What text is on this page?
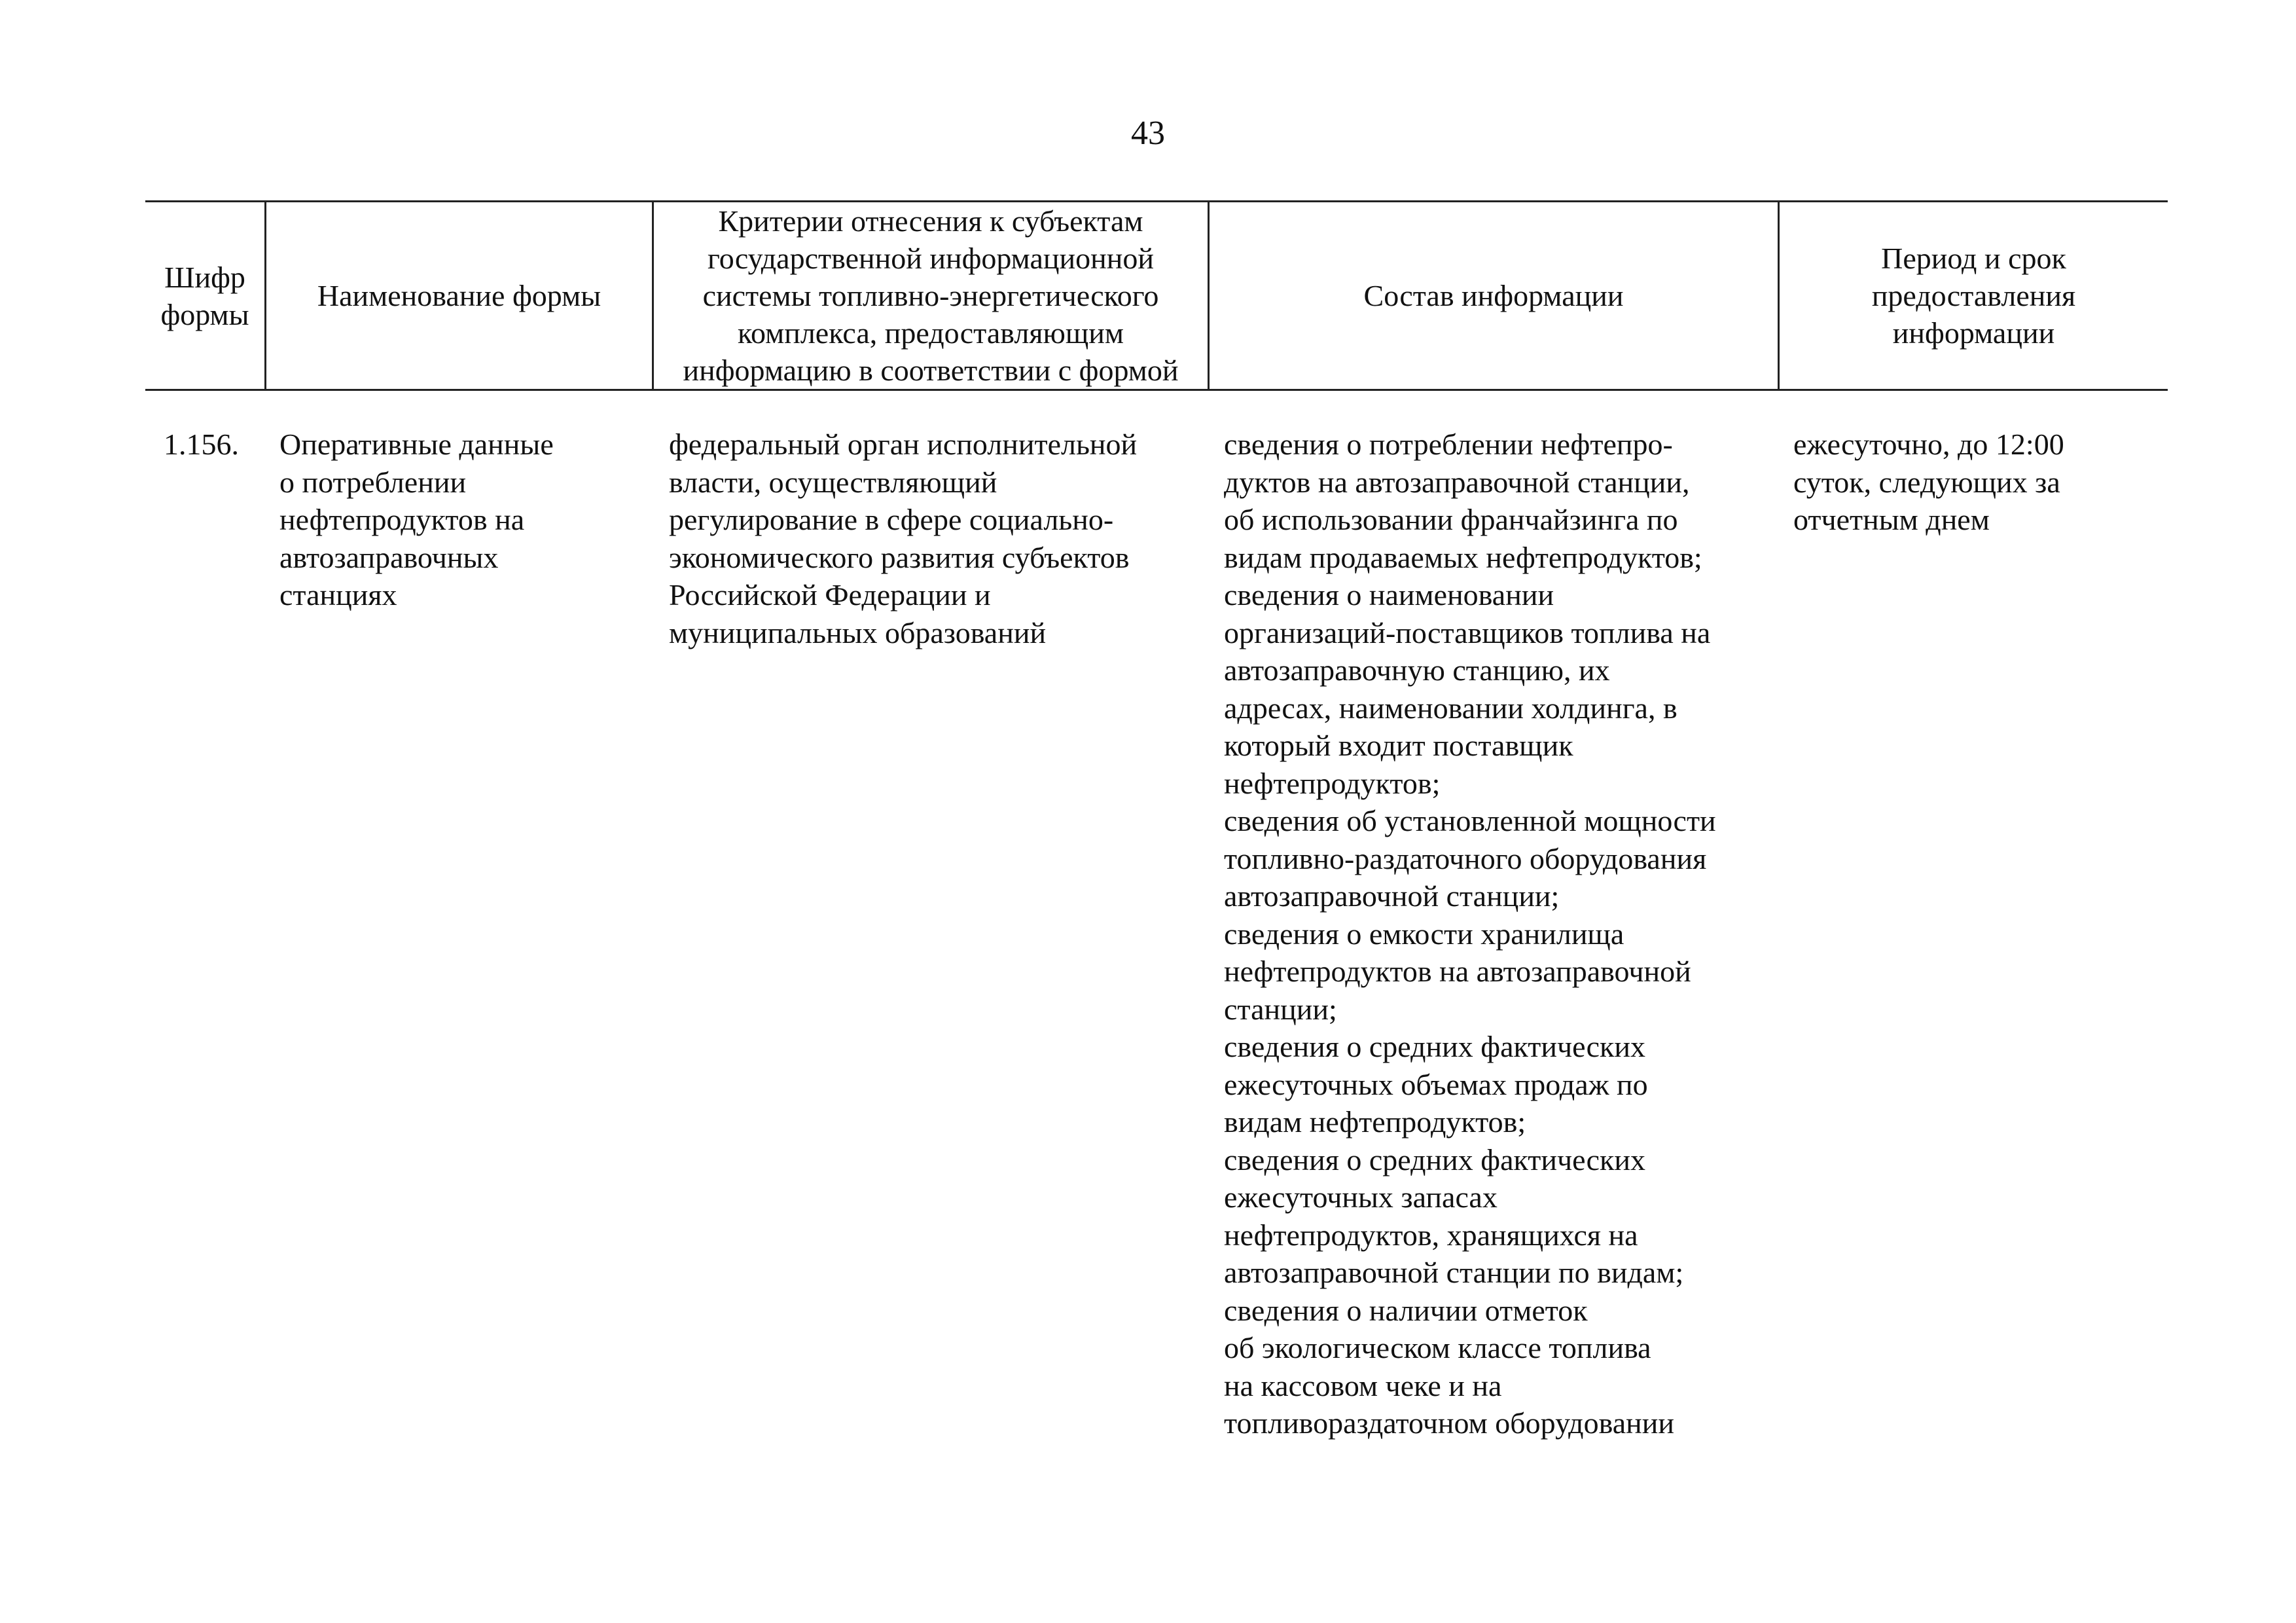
43
Шифр
формы
Наименование формы
Критерии отнесения к субъектам
государственной информационной
системы топливно-энергетического
комплекса, предоставляющим
информацию в соответствии с формой
Состав информации
Период и срок
предоставления
информации
1.156.	Оперативные данные
о потреблении
нефтепродуктов на
автозаправочных
станциях
федеральный орган исполнительной
власти, осуществляющий
регулирование в сфере социально-
экономического развития субъектов
Российской Федерации и
муниципальных образований
сведения о потреблении нефтепро-
дуктов на автозаправочной станции,
об использовании франчайзинга по
видам продаваемых нефтепродуктов;
сведения о наименовании
организаций-поставщиков топлива на
автозаправочную станцию, их
адресах, наименовании холдинга, в
который входит поставщик
нефтепродуктов;
сведения об установленной мощности
топливно-раздаточного оборудования
автозаправочной станции;
сведения о емкости хранилища
нефтепродуктов на автозаправочной
станции;
сведения о средних фактических
ежесуточных объемах продаж по
видам нефтепродуктов;
сведения о средних фактических
ежесуточных запасах
нефтепродуктов, хранящихся на
автозаправочной станции по видам;
сведения о наличии отметок
об экологическом классе топлива
на кассовом чеке и на
топливораздаточном оборудовании
ежесуточно, до 12:00
суток, следующих за
отчетным днем
